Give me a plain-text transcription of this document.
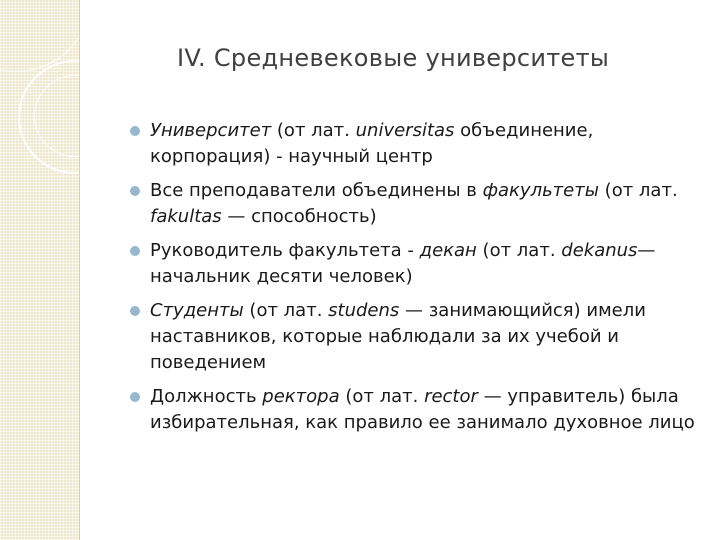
IV. Средневековые университеты
Университет (от лат. universitas объединение, корпорация) - научный центр
Все преподаватели объединены в факультеты (от лат. fakultas — способность)
Руководитель факультета - декан (от лат. dekanus— начальник десяти человек)
Студенты (от лат. studens — занимающийся) имели наставников, которые наблюдали за их учебой и поведением
Должность ректора (от лат. rector — управитель) была избирательная, как правило ее занимало духовное лицо
